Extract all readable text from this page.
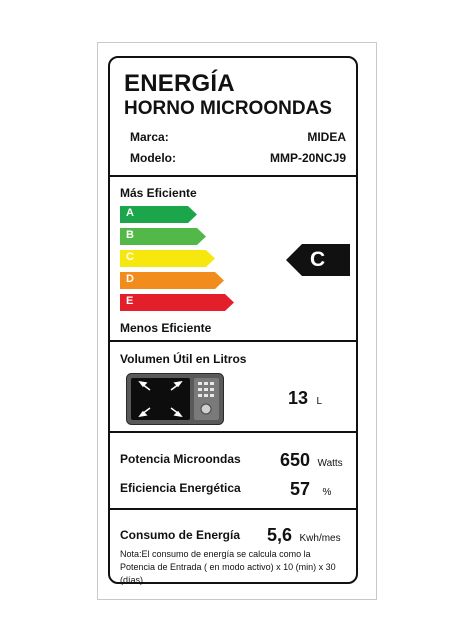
ENERGÍA
HORNO MICROONDAS
Marca:	MIDEA
Modelo:	MMP-20NCJ9
Más Eficiente
A
B
C
D
E
C
Menos Eficiente
Volumen Útil en Litros
13 L
Potencia Microondas 650 Watts
Eficiencia Energética	57 %
Consumo de Energía 5,6 Kwh/mes
Nota:El consumo de energía se calcula como la Potencia de Entrada ( en modo activo) x 10 (min) x 30 (días).
